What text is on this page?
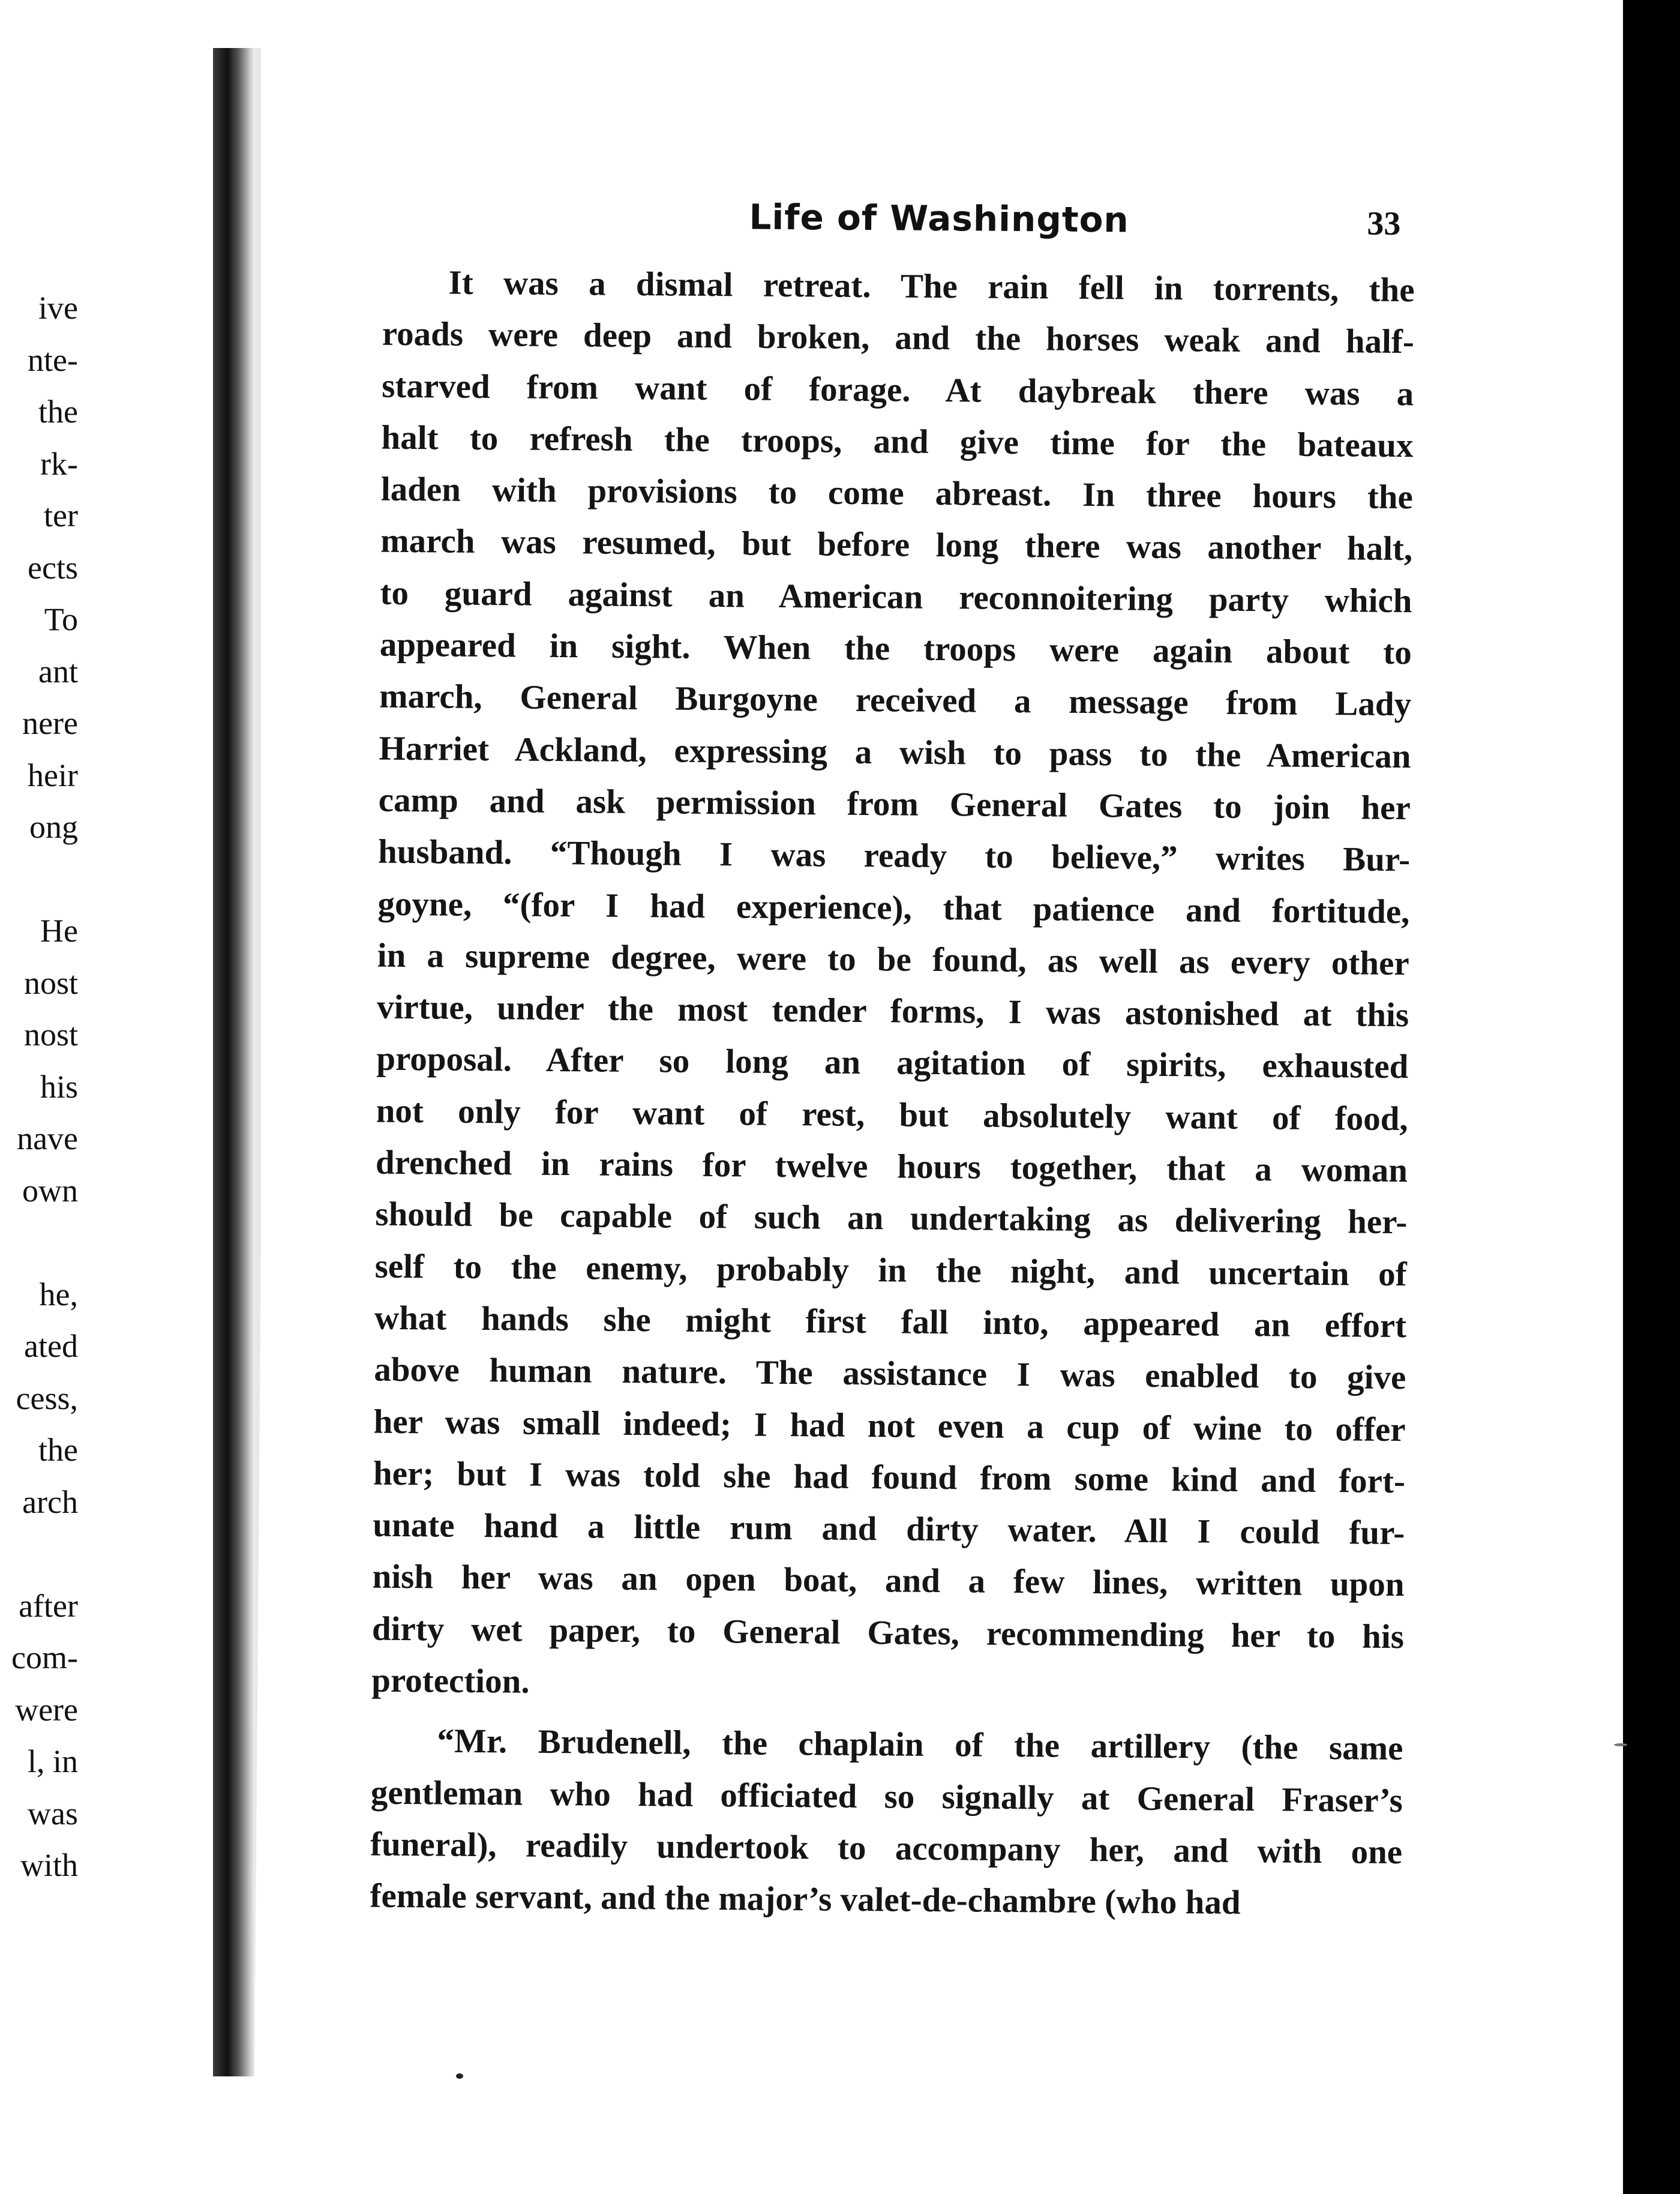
ive
nte-
the
rk-
ter
ects
To
ant
nere
heir
ong
He
nost
nost
his
nave
own
he,
ated
cess,
the
arch
after
com-
were
l, in
was
with
Life of Washington	33
It was a dismal retreat. The rain fell in torrents, the
roads were deep and broken, and the horses weak and half-
starved from want of forage. At daybreak there was a
halt to refresh the troops, and give time for the bateaux
laden with provisions to come abreast. In three hours the
march was resumed, but before long there was another halt,
to guard against an American reconnoitering party which
appeared in sight. When the troops were again about to
march, General Burgoyne received a message from Lady
Harriet Ackland, expressing a wish to pass to the American
camp and ask permission from General Gates to join her
husband. “Though I was ready to believe,” writes Bur-
goyne, “(for I had experience), that patience and fortitude,
in a supreme degree, were to be found, as well as every other
virtue, under the most tender forms, I was astonished at this
proposal. After so long an agitation of spirits, exhausted
not only for want of rest, but absolutely want of food,
drenched in rains for twelve hours together, that a woman
should be capable of such an undertaking as delivering her-
self to the enemy, probably in the night, and uncertain of
what hands she might first fall into, appeared an effort
above human nature. The assistance I was enabled to give
her was small indeed; I had not even a cup of wine to offer
her; but I was told she had found from some kind and fort-
unate hand a little rum and dirty water. All I could fur-
nish her was an open boat, and a few lines, written upon
dirty wet paper, to General Gates, recommending her to his
protection.
“Mr. Brudenell, the chaplain of the artillery (the same
gentleman who had officiated so signally at General Fraser’s
funeral), readily undertook to accompany her, and with one
female servant, and the major’s valet-de-chambre (who had
